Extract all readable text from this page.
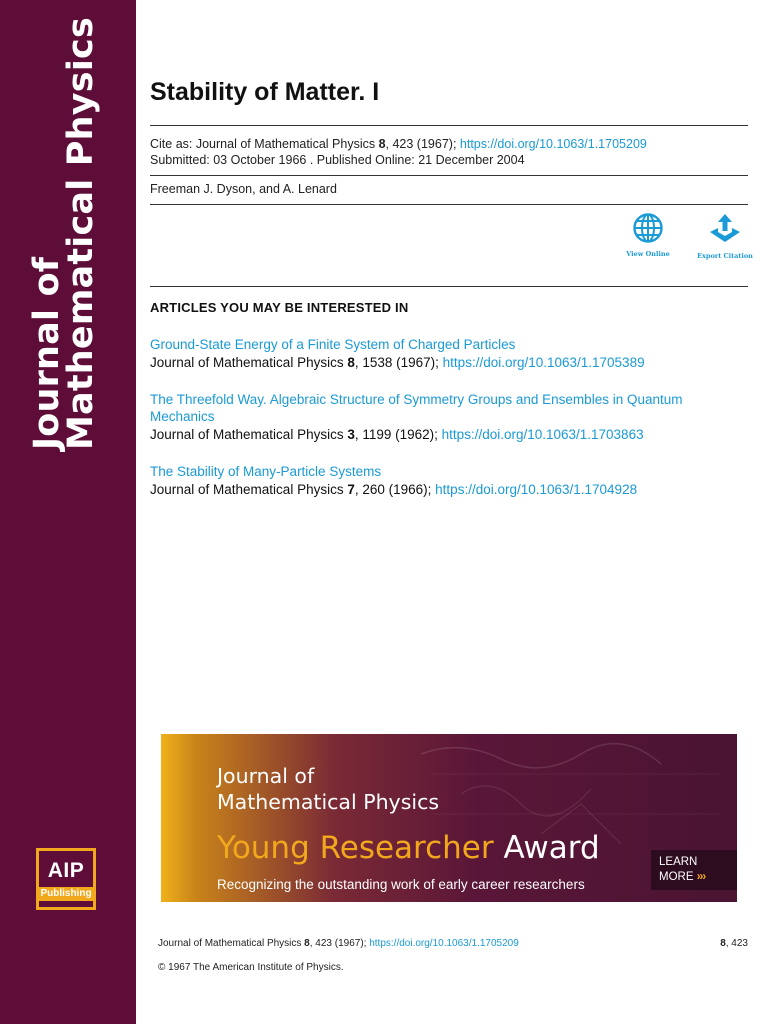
Journal of
Mathematical Physics
AIP
Publishing
Stability of Matter. I
Cite as: Journal of Mathematical Physics 8, 423 (1967); https://doi.org/10.1063/1.1705209
Submitted: 03 October 1966 . Published Online: 21 December 2004
Freeman J. Dyson, and A. Lenard
View Online	Export Citation
ARTICLES YOU MAY BE INTERESTED IN
Ground-State Energy of a Finite System of Charged Particles
Journal of Mathematical Physics 8, 1538 (1967); https://doi.org/10.1063/1.1705389
The Threefold Way. Algebraic Structure of Symmetry Groups and Ensembles in Quantum Mechanics
Journal of Mathematical Physics 3, 1199 (1962); https://doi.org/10.1063/1.1703863
The Stability of Many-Particle Systems
Journal of Mathematical Physics 7, 260 (1966); https://doi.org/10.1063/1.1704928
Journal of
Mathematical Physics
Young Researcher Award
Recognizing the outstanding work of early career researchers
LEARN
MORE ›››
Journal of Mathematical Physics 8, 423 (1967); https://doi.org/10.1063/1.1705209	8, 423
© 1967 The American Institute of Physics.
